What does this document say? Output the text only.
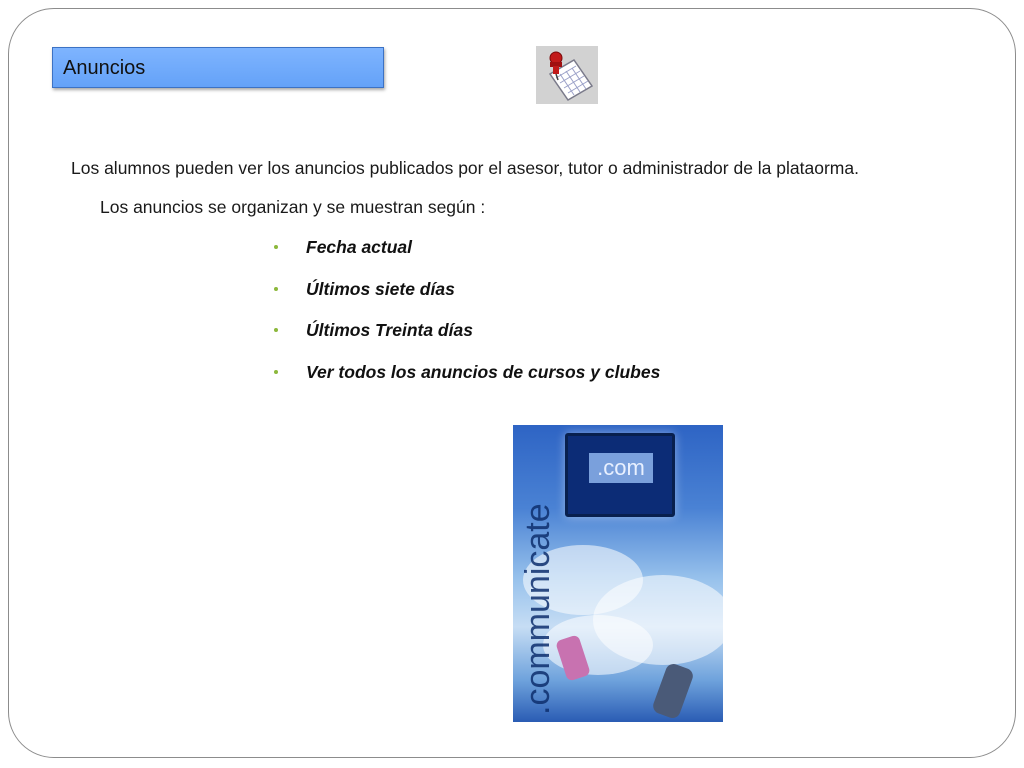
Anuncios

Los alumnos pueden ver los anuncios publicados por el asesor, tutor o administrador de la plataorma.

Los anuncios se organizan y se muestran según :

Fecha actual
Últimos siete días
Últimos Treinta días
Ver todos los anuncios de cursos y clubes
.com
.communicate
